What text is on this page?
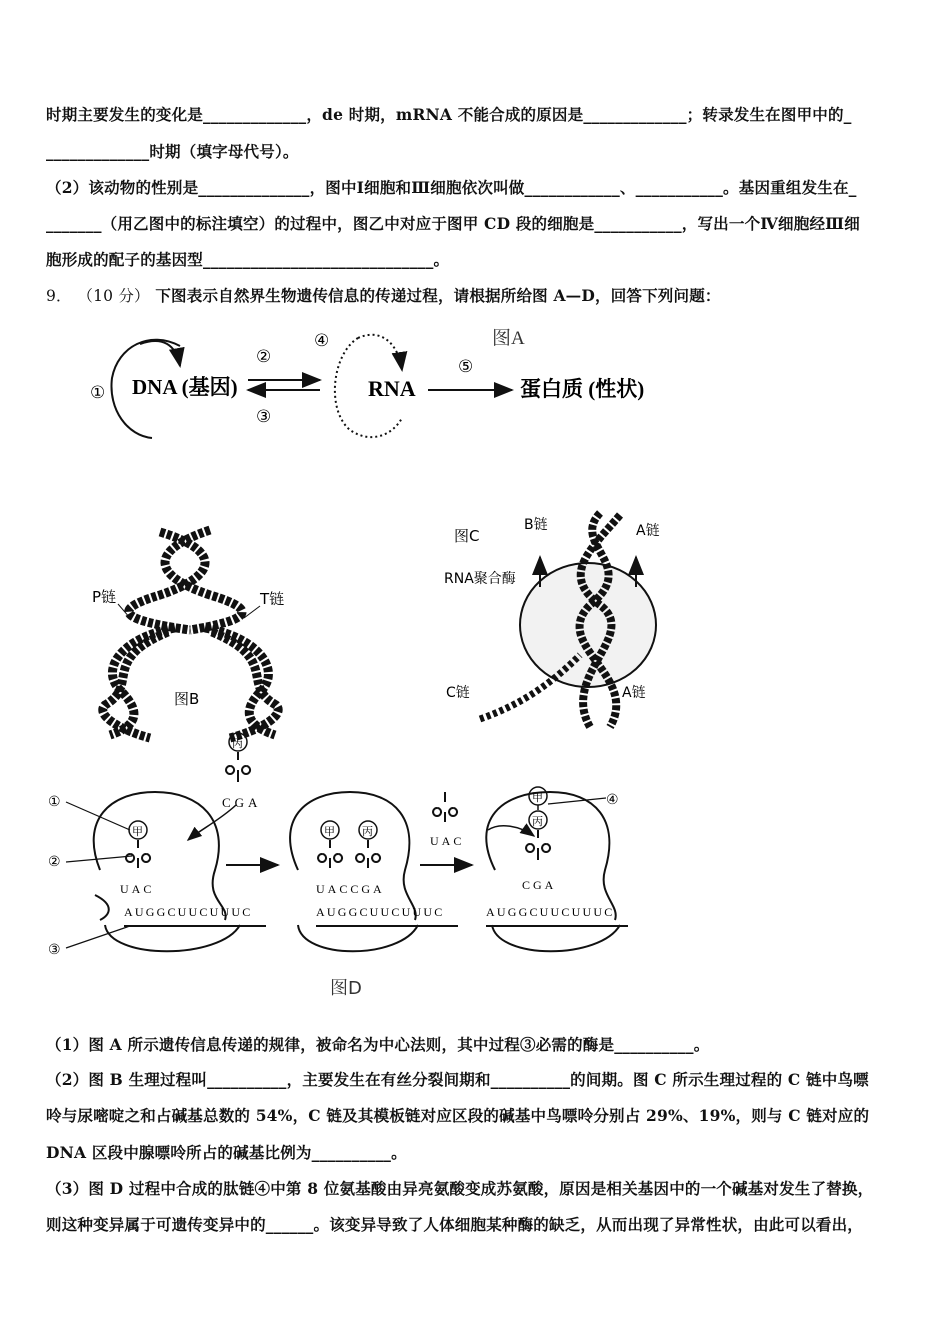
时期主要发生的变化是_____________，de 时期，mRNA 不能合成的原因是_____________；转录发生在图甲中的_
_____________时期（填字母代号）。
（2）该动物的性别是______________，图中Ⅰ细胞和Ⅲ细胞依次叫做____________、___________。基因重组发生在_
_______（用乙图中的标注填空）的过程中，图乙中对应于图甲 CD 段的细胞是___________，写出一个Ⅳ细胞经Ⅲ细
胞形成的配子的基因型_____________________________。
9． （10 分） 下图表示自然界生物遗传信息的传递过程，请根据所给图 A—D，回答下列问题：
图A
① DNA (基因)
②
③
④
RNA
⑤
蛋白质 (性状)
P链	T链
图B
图C
B链	A链
RNA聚合酶
C链	A链
丙
CGA
甲
UAC
甲 丙
UACCGA
UAC
甲
丙
CGA
AUGGCUUCUUUC	AUGGCUUCUUUC	AUGGCUUCUUUC
①
②
③
④
图D
（1）图 A 所示遗传信息传递的规律，被命名为中心法则，其中过程③必需的酶是__________。
（2）图 B 生理过程叫__________，主要发生在有丝分裂间期和__________的间期。图 C 所示生理过程的 C 链中鸟嘌
呤与尿嘧啶之和占碱基总数的 54%，C 链及其模板链对应区段的碱基中鸟嘌呤分别占 29%、19%，则与 C 链对应的
DNA 区段中腺嘌呤所占的碱基比例为__________。
（3）图 D 过程中合成的肽链④中第 8 位氨基酸由异亮氨酸变成苏氨酸，原因是相关基因中的一个碱基对发生了替换，
则这种变异属于可遗传变异中的______。该变异导致了人体细胞某种酶的缺乏，从而出现了异常性状，由此可以看出，
